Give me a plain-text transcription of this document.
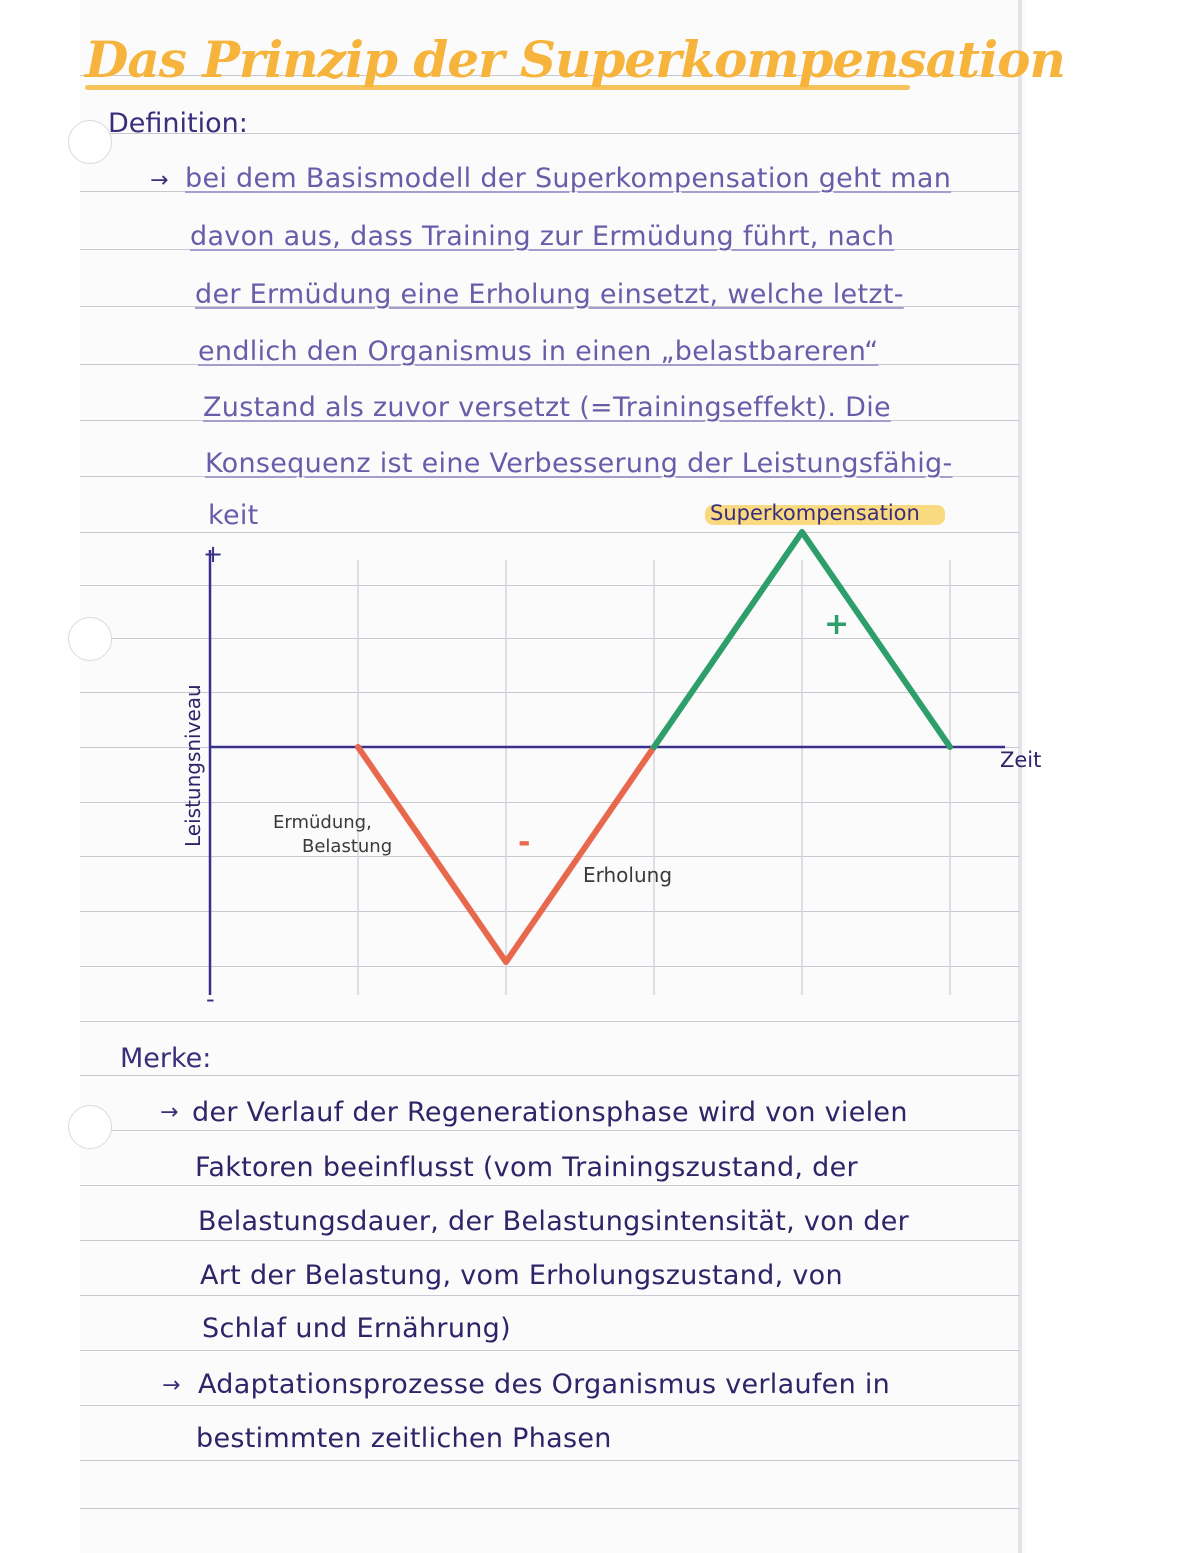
Das Prinzip der Superkompensation
Definition:
→ bei dem Basismodell der Superkompensation geht man
davon aus, dass Training zur Ermüdung führt, nach
der Ermüdung eine Erholung einsetzt, welche letzt-
endlich den Organismus in einen „belastbareren“
Zustand als zuvor versetzt (=Trainingseffekt). Die
Konsequenz ist eine Verbesserung der Leistungsfähig-
keit
+
-
Zeit
Leistungsniveau	Ermüdung,
Belastung
Erholung
Superkompensation
-
+
Merke:
→ der Verlauf der Regenerationsphase wird von vielen
Faktoren beeinflusst (vom Trainingszustand, der
Belastungsdauer, der Belastungsintensität, von der
Art der Belastung, vom Erholungszustand, von
Schlaf und Ernährung)
→ Adaptationsprozesse des Organismus verlaufen in
bestimmten zeitlichen Phasen
